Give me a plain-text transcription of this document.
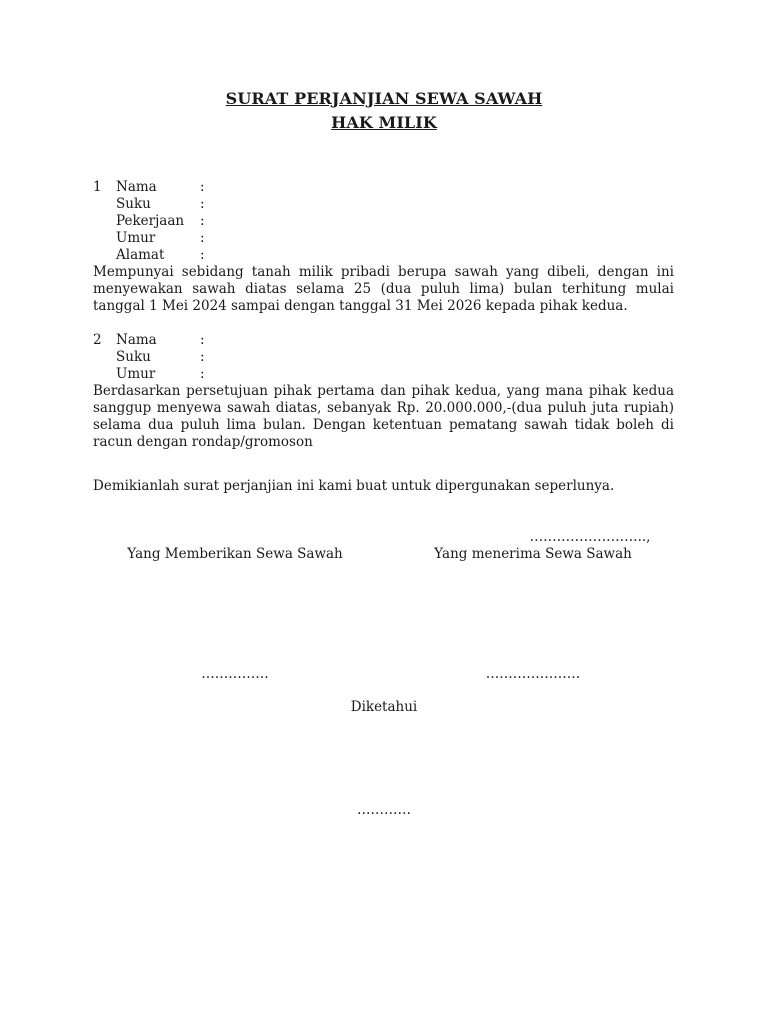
SURAT PERJANJIAN SEWA SAWAH
HAK MILIK
1 Nama	:
Suku	:
Pekerjaan :
Umur	:
Alamat	:

Mempunyai sebidang tanah milik pribadi berupa sawah yang dibeli, dengan ini menyewakan sawah diatas selama 25 (dua puluh lima) bulan terhitung mulai tanggal 1 Mei 2024 sampai dengan tanggal 31 Mei 2026 kepada pihak kedua.

2 Nama	:
Suku	:
Umur	:

Berdasarkan persetujuan pihak pertama dan pihak kedua, yang mana pihak kedua sanggup menyewa sawah diatas, sebanyak Rp. 20.000.000,-(dua puluh juta rupiah) selama dua puluh lima bulan. Dengan ketentuan pematang sawah tidak boleh di racun dengan rondap/gromoson

Demikianlah surat perjanjian ini kami buat untuk dipergunakan seperlunya.

……………………..,
Yang Memberikan Sewa Sawah	Yang menerima Sewa Sawah
……………	…………………
Diketahui
…………
